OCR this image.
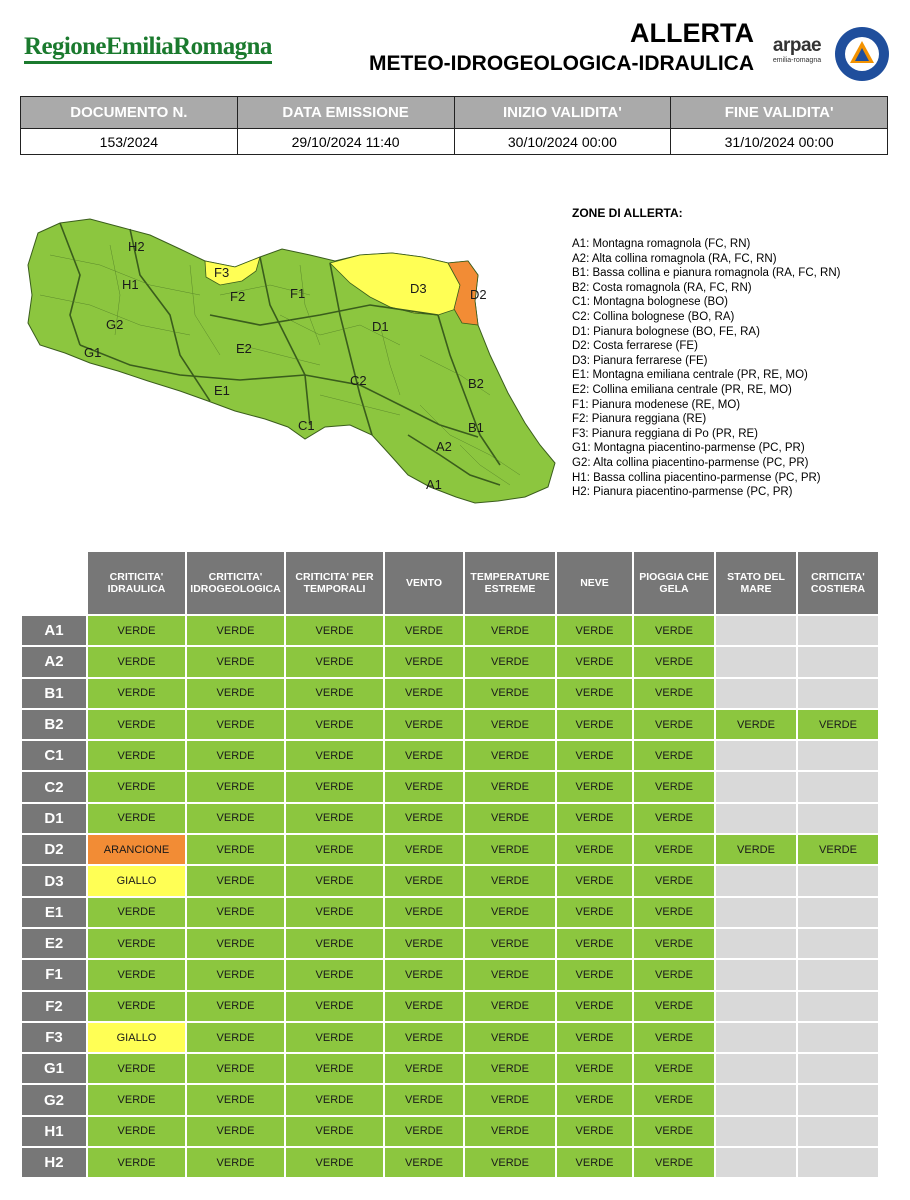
RegioneEmiliaRomagna	ALLERTA
METEO-IDROGEOLOGICA-IDRAULICA
arpae
emilia-romagna
DOCUMENTO N.	DATA EMISSIONE	INIZIO VALIDITA'	FINE VALIDITA'
153/2024	29/10/2024 11:40	30/10/2024 00:00	31/10/2024 00:00
H2
F3
H1
F2	F1	D3	D2
G2	D1
G1	E2
C2	B2
E1
C1	B1
A2
A1
ZONE DI ALLERTA:
A1: Montagna romagnola (FC, RN)
A2: Alta collina romagnola (RA, FC, RN)
B1: Bassa collina e pianura romagnola (RA, FC, RN)
B2: Costa romagnola (RA, FC, RN)
C1: Montagna bolognese (BO)
C2: Collina bolognese (BO, RA)
D1: Pianura bolognese (BO, FE, RA)
D2: Costa ferrarese (FE)
D3: Pianura ferrarese (FE)
E1: Montagna emiliana centrale (PR, RE, MO)
E2: Collina emiliana centrale (PR, RE, MO)
F1: Pianura modenese (RE, MO)
F2: Pianura reggiana (RE)
F3: Pianura reggiana di Po (PR, RE)
G1: Montagna piacentino-parmense (PC, PR)
G2: Alta collina piacentino-parmense (PC, PR)
H1: Bassa collina piacentino-parmense (PC, PR)
H2: Pianura piacentino-parmense (PC, PR)
	CRITICITA' IDRAULICA	CRITICITA' IDROGEOLOGICA	CRITICITA' PER TEMPORALI	VENTO	TEMPERATURE ESTREME	NEVE	PIOGGIA CHE GELA	STATO DEL MARE	CRITICITA' COSTIERA
A1	VERDE	VERDE	VERDE	VERDE	VERDE	VERDE	VERDE		
A2	VERDE	VERDE	VERDE	VERDE	VERDE	VERDE	VERDE		
B1	VERDE	VERDE	VERDE	VERDE	VERDE	VERDE	VERDE		
B2	VERDE	VERDE	VERDE	VERDE	VERDE	VERDE	VERDE	VERDE	VERDE
C1	VERDE	VERDE	VERDE	VERDE	VERDE	VERDE	VERDE		
C2	VERDE	VERDE	VERDE	VERDE	VERDE	VERDE	VERDE		
D1	VERDE	VERDE	VERDE	VERDE	VERDE	VERDE	VERDE		
D2	ARANCIONE	VERDE	VERDE	VERDE	VERDE	VERDE	VERDE	VERDE	VERDE
D3	GIALLO	VERDE	VERDE	VERDE	VERDE	VERDE	VERDE		
E1	VERDE	VERDE	VERDE	VERDE	VERDE	VERDE	VERDE		
E2	VERDE	VERDE	VERDE	VERDE	VERDE	VERDE	VERDE		
F1	VERDE	VERDE	VERDE	VERDE	VERDE	VERDE	VERDE		
F2	VERDE	VERDE	VERDE	VERDE	VERDE	VERDE	VERDE		
F3	GIALLO	VERDE	VERDE	VERDE	VERDE	VERDE	VERDE		
G1	VERDE	VERDE	VERDE	VERDE	VERDE	VERDE	VERDE		
G2	VERDE	VERDE	VERDE	VERDE	VERDE	VERDE	VERDE		
H1	VERDE	VERDE	VERDE	VERDE	VERDE	VERDE	VERDE		
H2	VERDE	VERDE	VERDE	VERDE	VERDE	VERDE	VERDE		
